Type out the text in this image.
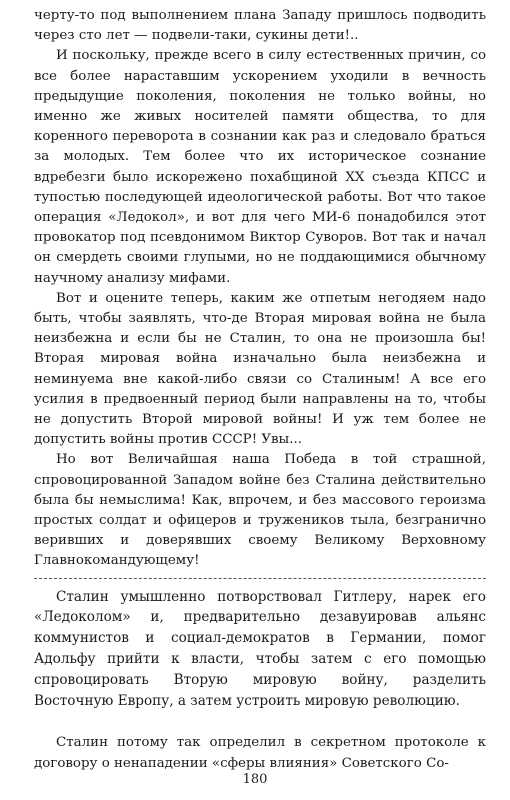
черту-то под выполнением плана Западу пришлось подводить через сто лет — подвели-таки, сукины дети!..

И поскольку, прежде всего в силу естественных причин, со все более нараставшим ускорением уходили в вечность предыдущие поколения, поколения не только войны, но именно же живых носителей памяти общества, то для коренного переворота в сознании как раз и следовало браться за молодых. Тем более что их историческое сознание вдребезги было искорежено похабщиной XX съезда КПСС и тупостью последующей идеологической работы. Вот что такое операция «Ледокол», и вот для чего МИ-6 понадобился этот провокатор под псевдонимом Виктор Суворов. Вот так и начал он смердеть своими глупыми, но не поддающимися обычному научному анализу мифами.

Вот и оцените теперь, каким же отпетым негодяем надо быть, чтобы заявлять, что-де Вторая мировая война не была неизбежна и если бы не Сталин, то она не произошла бы! Вторая мировая война изначально была неизбежна и неминуема вне какой-либо связи со Сталиным! А все его усилия в предвоенный период были направлены на то, чтобы не допустить Второй мировой войны! И уж тем более не допустить войны против СССР! Увы...

Но вот Величайшая наша Победа в той страшной, спровоцированной Западом войне без Сталина действительно была бы немыслима! Как, впрочем, и без массового героизма простых солдат и офицеров и тружеников тыла, безгранично веривших и доверявших своему Великому Верховному Главнокомандующему!

Сталин умышленно потворствовал Гитлеру, нарек его «Ледоколом» и, предварительно дезавуировав альянс коммунистов и социал-демократов в Германии, помог Адольфу прийти к власти, чтобы затем с его помощью спровоцировать Вторую мировую войну, разделить Восточную Европу, а затем устроить мировую революцию.

Сталин потому так определил в секретном протоколе к договору о ненападении «сферы влияния» Советского Со-

180
